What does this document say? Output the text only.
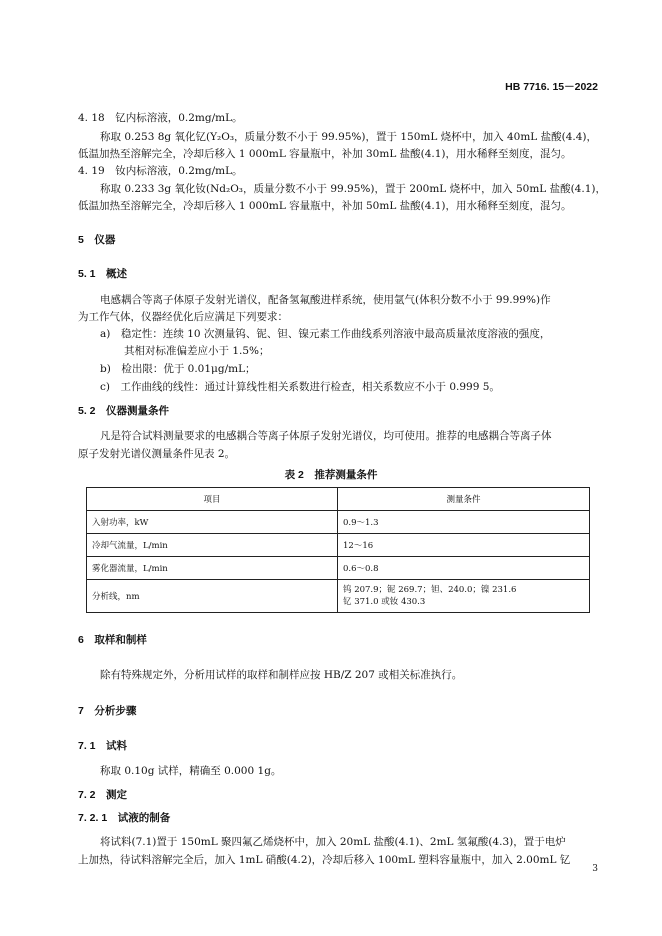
HB 7716. 15－2022
4. 18　钇内标溶液，0.2mg/mL。
称取 0.253 8g 氧化钇(Y₂O₃，质量分数不小于 99.95%)，置于 150mL 烧杯中，加入 40mL 盐酸(4.4)，
低温加热至溶解完全，冷却后移入 1 000mL 容量瓶中，补加 30mL 盐酸(4.1)，用水稀释至刻度，混匀。
4. 19　钕内标溶液，0.2mg/mL。
称取 0.233 3g 氧化钕(Nd₂O₃，质量分数不小于 99.95%)，置于 200mL 烧杯中，加入 50mL 盐酸(4.1)，
低温加热至溶解完全，冷却后移入 1 000mL 容量瓶中，补加 50mL 盐酸(4.1)，用水稀释至刻度，混匀。
5　仪器
5. 1　概述
电感耦合等离子体原子发射光谱仪，配备氢氟酸进样系统，使用氩气(体积分数不小于 99.99%)作
为工作气体，仪器经优化后应满足下列要求：
a)　稳定性：连续 10 次测量钨、铌、钽、镍元素工作曲线系列溶液中最高质量浓度溶液的强度，
其相对标准偏差应小于 1.5%；
b)　检出限：优于 0.01μg/mL；
c)　工作曲线的线性：通过计算线性相关系数进行检查，相关系数应不小于 0.999 5。
5. 2　仪器测量条件
凡是符合试料测量要求的电感耦合等离子体原子发射光谱仪，均可使用。推荐的电感耦合等离子体
原子发射光谱仪测量条件见表 2。
表 2　推荐测量条件
项目	测量条件
入射功率，kW	0.9～1.3
冷却气流量，L/min	12～16
雾化器流量，L/min	0.6～0.8
分析线，nm	钨 207.9；铌 269.7；钽、240.0；镍 231.6
钇 371.0 或钕 430.3
6　取样和制样
除有特殊规定外，分析用试样的取样和制样应按 HB/Z 207 或相关标准执行。
7　分析步骤
7. 1　试料
称取 0.10g 试样，精确至 0.000 1g。
7. 2　测定
7. 2. 1　试液的制备
将试料(7.1)置于 150mL 聚四氟乙烯烧杯中，加入 20mL 盐酸(4.1)、2mL 氢氟酸(4.3)，置于电炉
上加热，待试料溶解完全后，加入 1mL 硝酸(4.2)，冷却后移入 100mL 塑料容量瓶中，加入 2.00mL 钇
3
